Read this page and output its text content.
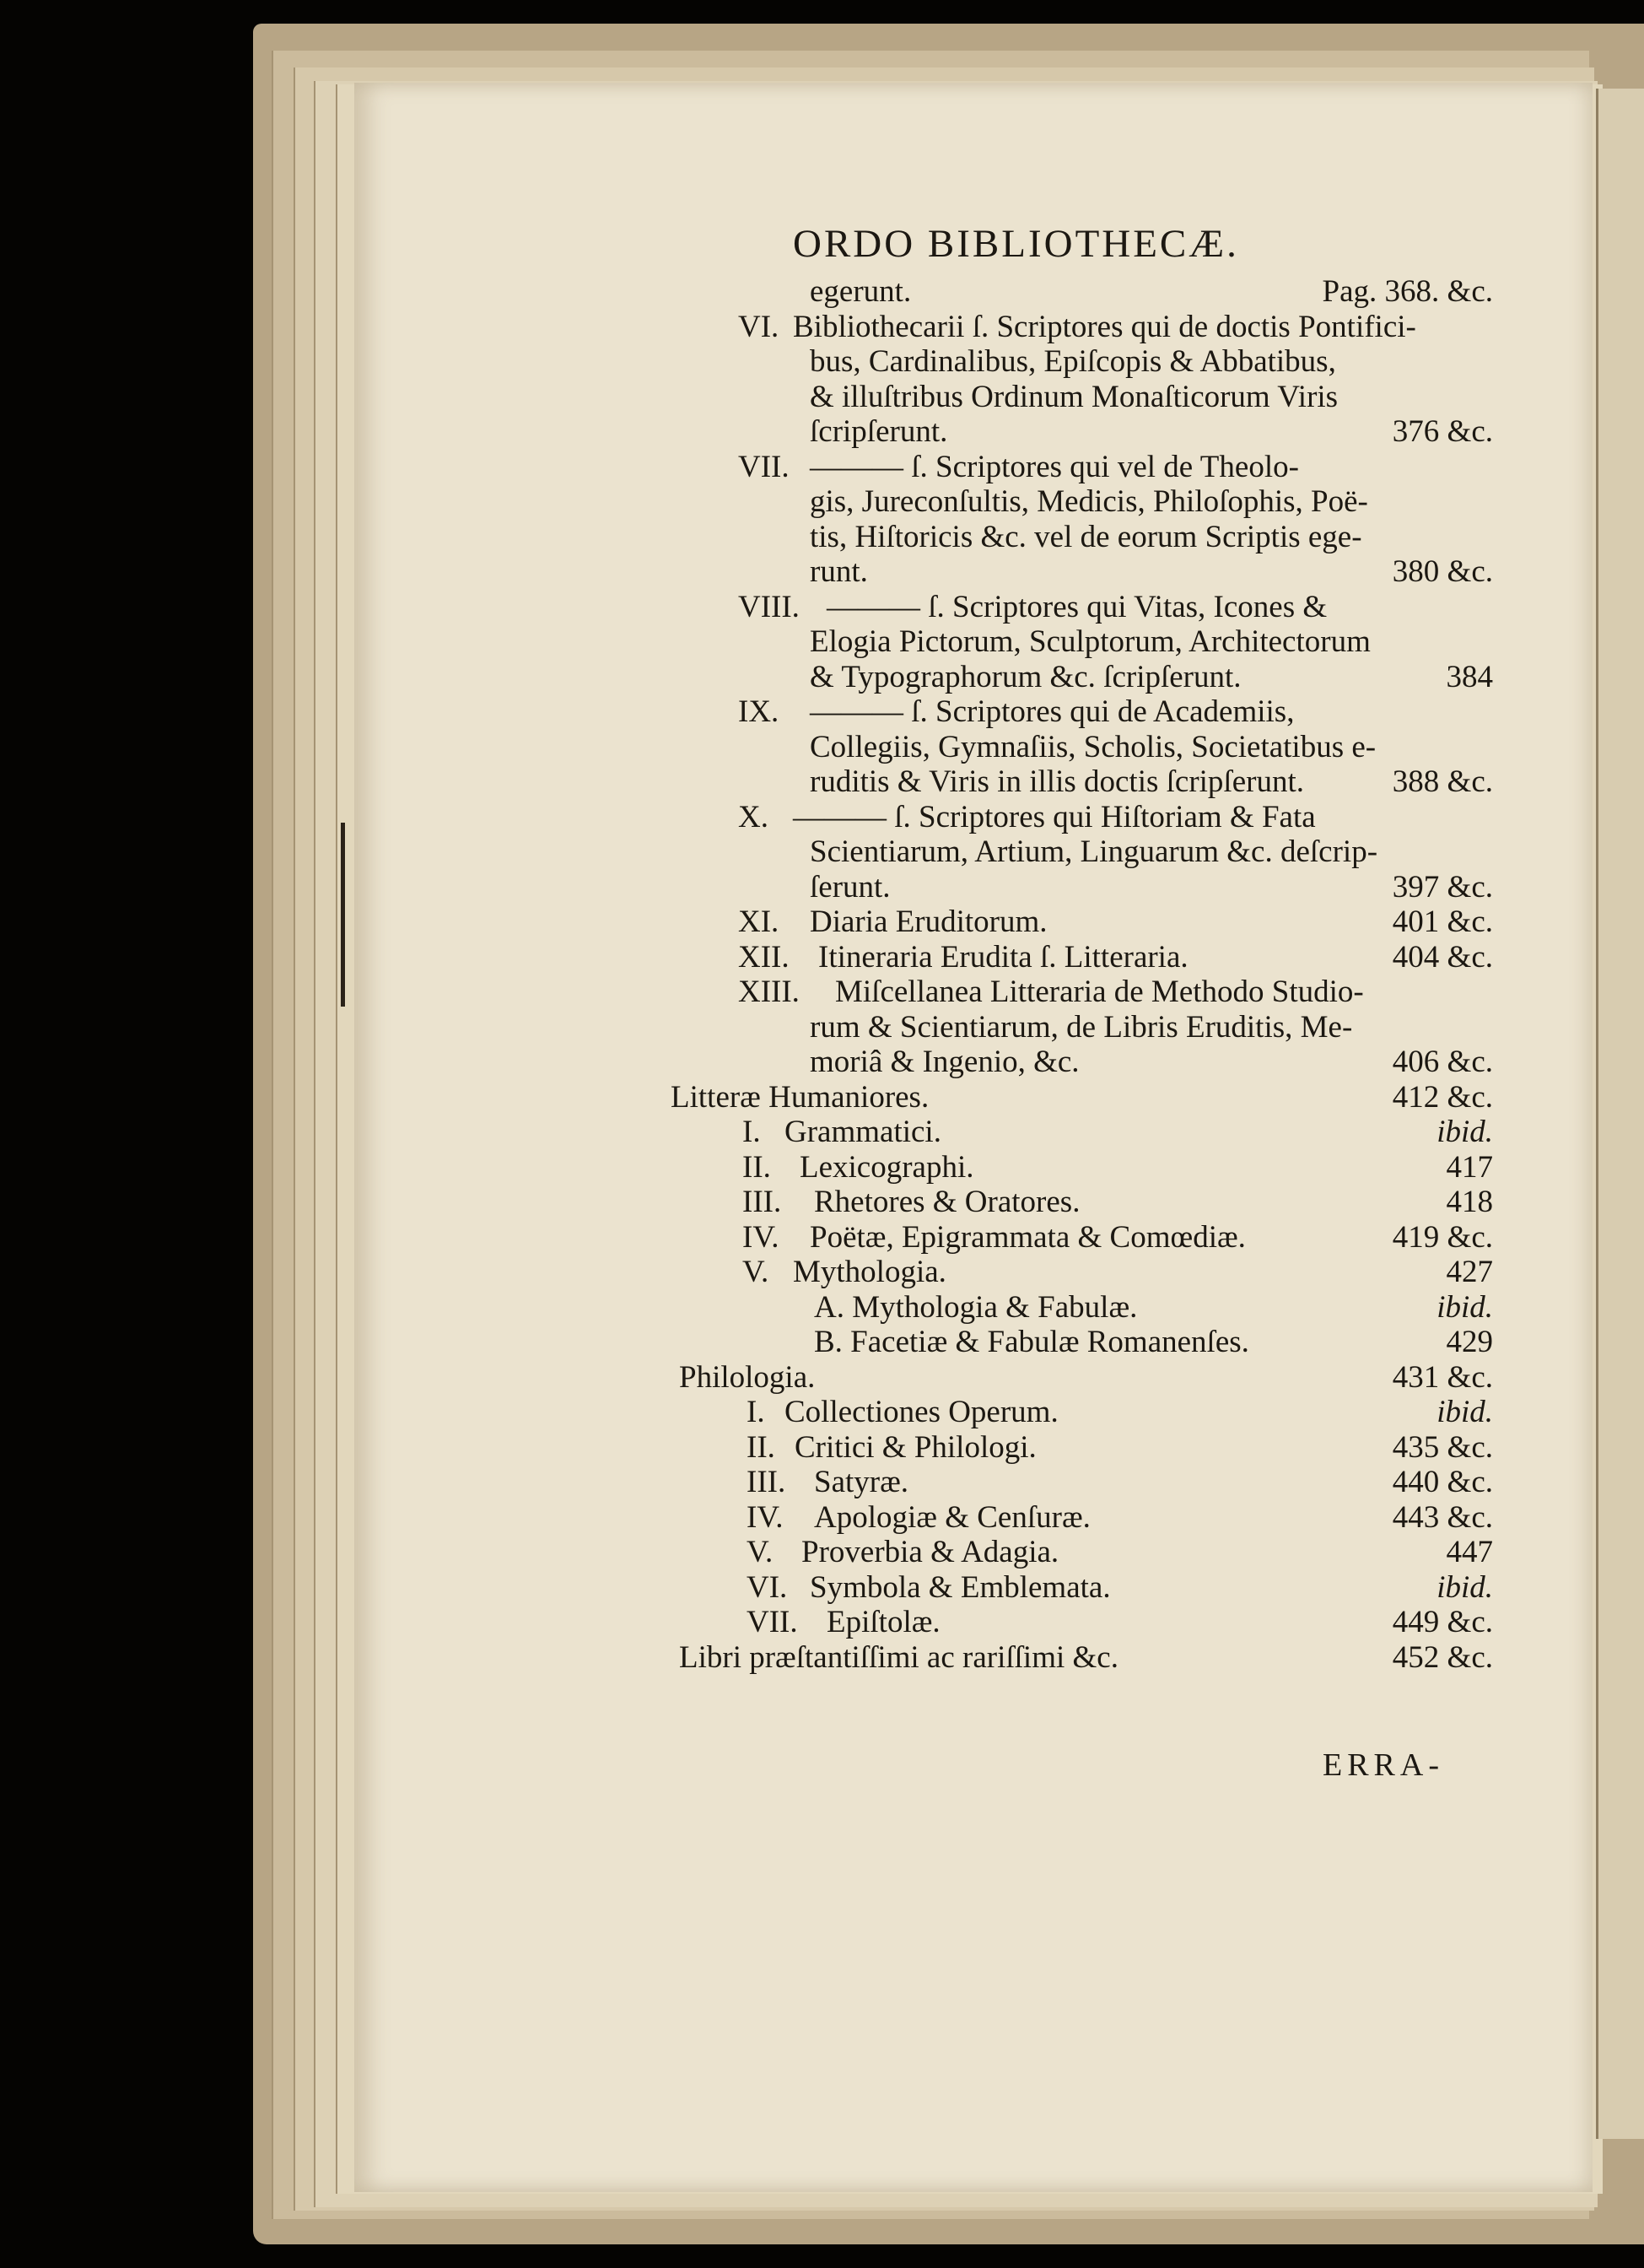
ORDO BIBLIOTHECÆ.
egerunt.	Pag. 368. &c.
VI. Bibliothecarii ſ. Scriptores qui de doctis Pontifici-
bus, Cardinalibus, Epiſcopis & Abbatibus,
& illuſtribus Ordinum Monaſticorum Viris
ſcripſerunt.	376 &c.
VII. ——— ſ. Scriptores qui vel de Theolo-
gis, Jureconſultis, Medicis, Philoſophis, Poë-
tis, Hiſtoricis &c. vel de eorum Scriptis ege-
runt.	380 &c.
VIII. ——— ſ. Scriptores qui Vitas, Icones &
Elogia Pictorum, Sculptorum, Architectorum
& Typographorum &c. ſcripſerunt.	384
IX. ——— ſ. Scriptores qui de Academiis,
Collegiis, Gymnaſiis, Scholis, Societatibus e-
ruditis & Viris in illis doctis ſcripſerunt.	388 &c.
X. ——— ſ. Scriptores qui Hiſtoriam & Fata
Scientiarum, Artium, Linguarum &c. deſcrip-
ſerunt.	397 &c.
XI. Diaria Eruditorum.	401 &c.
XII. Itineraria Erudita ſ. Litteraria.	404 &c.
XIII. Miſcellanea Litteraria de Methodo Studio-
rum & Scientiarum, de Libris Eruditis, Me-
moriâ & Ingenio, &c.	406 &c.
Litteræ Humaniores.	412 &c.
I. Grammatici.	ibid.
II. Lexicographi.	417
III. Rhetores & Oratores.	418
IV. Poëtæ, Epigrammata & Comœdiæ.	419 &c.
V. Mythologia.	427
A. Mythologia & Fabulæ.	ibid.
B. Facetiæ & Fabulæ Romanenſes.	429
Philologia.	431 &c.
I. Collectiones Operum.	ibid.
II. Critici & Philologi.	435 &c.
III. Satyræ.	440 &c.
IV. Apologiæ & Cenſuræ.	443 &c.
V. Proverbia & Adagia.	447
VI. Symbola & Emblemata.	ibid.
VII. Epiſtolæ.	449 &c.
Libri præſtantiſſimi ac rariſſimi &c.	452 &c.
ERRA-
